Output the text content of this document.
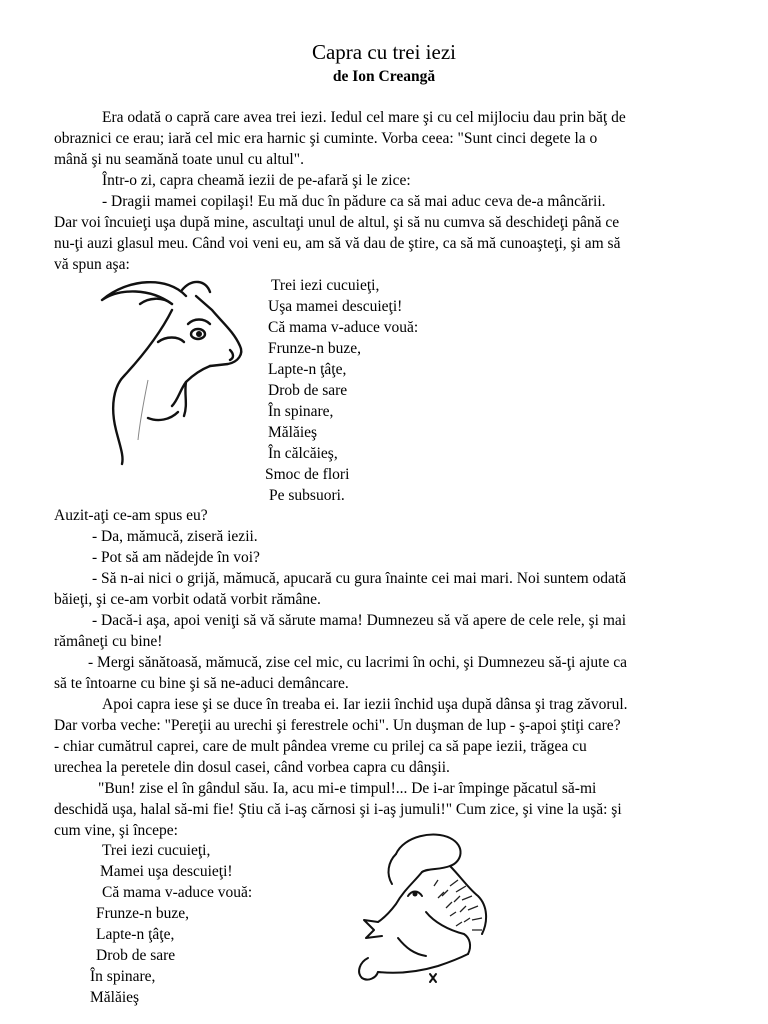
Capra cu trei iezi
de Ion Creangă
Era odată o capră care avea trei iezi. Iedul cel mare şi cu cel mijlociu dau prin băţ de
obraznici ce erau; iară cel mic era harnic şi cuminte. Vorba ceea: "Sunt cinci degete la o
mână şi nu seamănă toate unul cu altul".
Într-o zi, capra cheamă iezii de pe-afară şi le zice:
- Dragii mamei copilaşi! Eu mă duc în pădure ca să mai aduc ceva de-a mâncării.
Dar voi încuieţi uşa după mine, ascultaţi unul de altul, şi să nu cumva să deschideţi până ce
nu-ţi auzi glasul meu. Când voi veni eu, am să vă dau de ştire, ca să mă cunoaşteţi, şi am să
vă spun aşa:
Trei iezi cucuieţi,
Uşa mamei descuieţi!
Că mama v-aduce vouă:
Frunze-n buze,
Lapte-n ţâţe,
Drob de sare
În spinare,
Mălăieş
În călcăieş,
Smoc de flori
Pe subsuori.
Auzit-aţi ce-am spus eu?
- Da, mămucă, ziseră iezii.
- Pot să am nădejde în voi?
- Să n-ai nici o grijă, mămucă, apucară cu gura înainte cei mai mari. Noi suntem odată
băieţi, şi ce-am vorbit odată vorbit rămâne.
- Dacă-i aşa, apoi veniţi să vă sărute mama! Dumnezeu să vă apere de cele rele, şi mai
rămâneţi cu bine!
- Mergi sănătoasă, mămucă, zise cel mic, cu lacrimi în ochi, şi Dumnezeu să-ţi ajute ca
să te întoarne cu bine şi să ne-aduci demâncare.
Apoi capra iese şi se duce în treaba ei. Iar iezii închid uşa după dânsa şi trag zăvorul.
Dar vorba veche: "Pereţii au urechi şi ferestrele ochi". Un duşman de lup - ş-apoi ştiţi care?
- chiar cumătrul caprei, care de mult pândea vreme cu prilej ca să pape iezii, trăgea cu
urechea la peretele din dosul casei, când vorbea capra cu dânşii.
"Bun! zise el în gândul său. Ia, acu mi-e timpul!... De i-ar împinge păcatul să-mi
deschidă uşa, halal să-mi fie! Ştiu că i-aş cărnosi şi i-aş jumuli!" Cum zice, şi vine la uşă: şi
cum vine, şi începe:
Trei iezi cucuieţi,
Mamei uşa descuieţi!
Că mama v-aduce vouă:
Frunze-n buze,
Lapte-n ţâţe,
Drob de sare
În spinare,
Mălăieş
